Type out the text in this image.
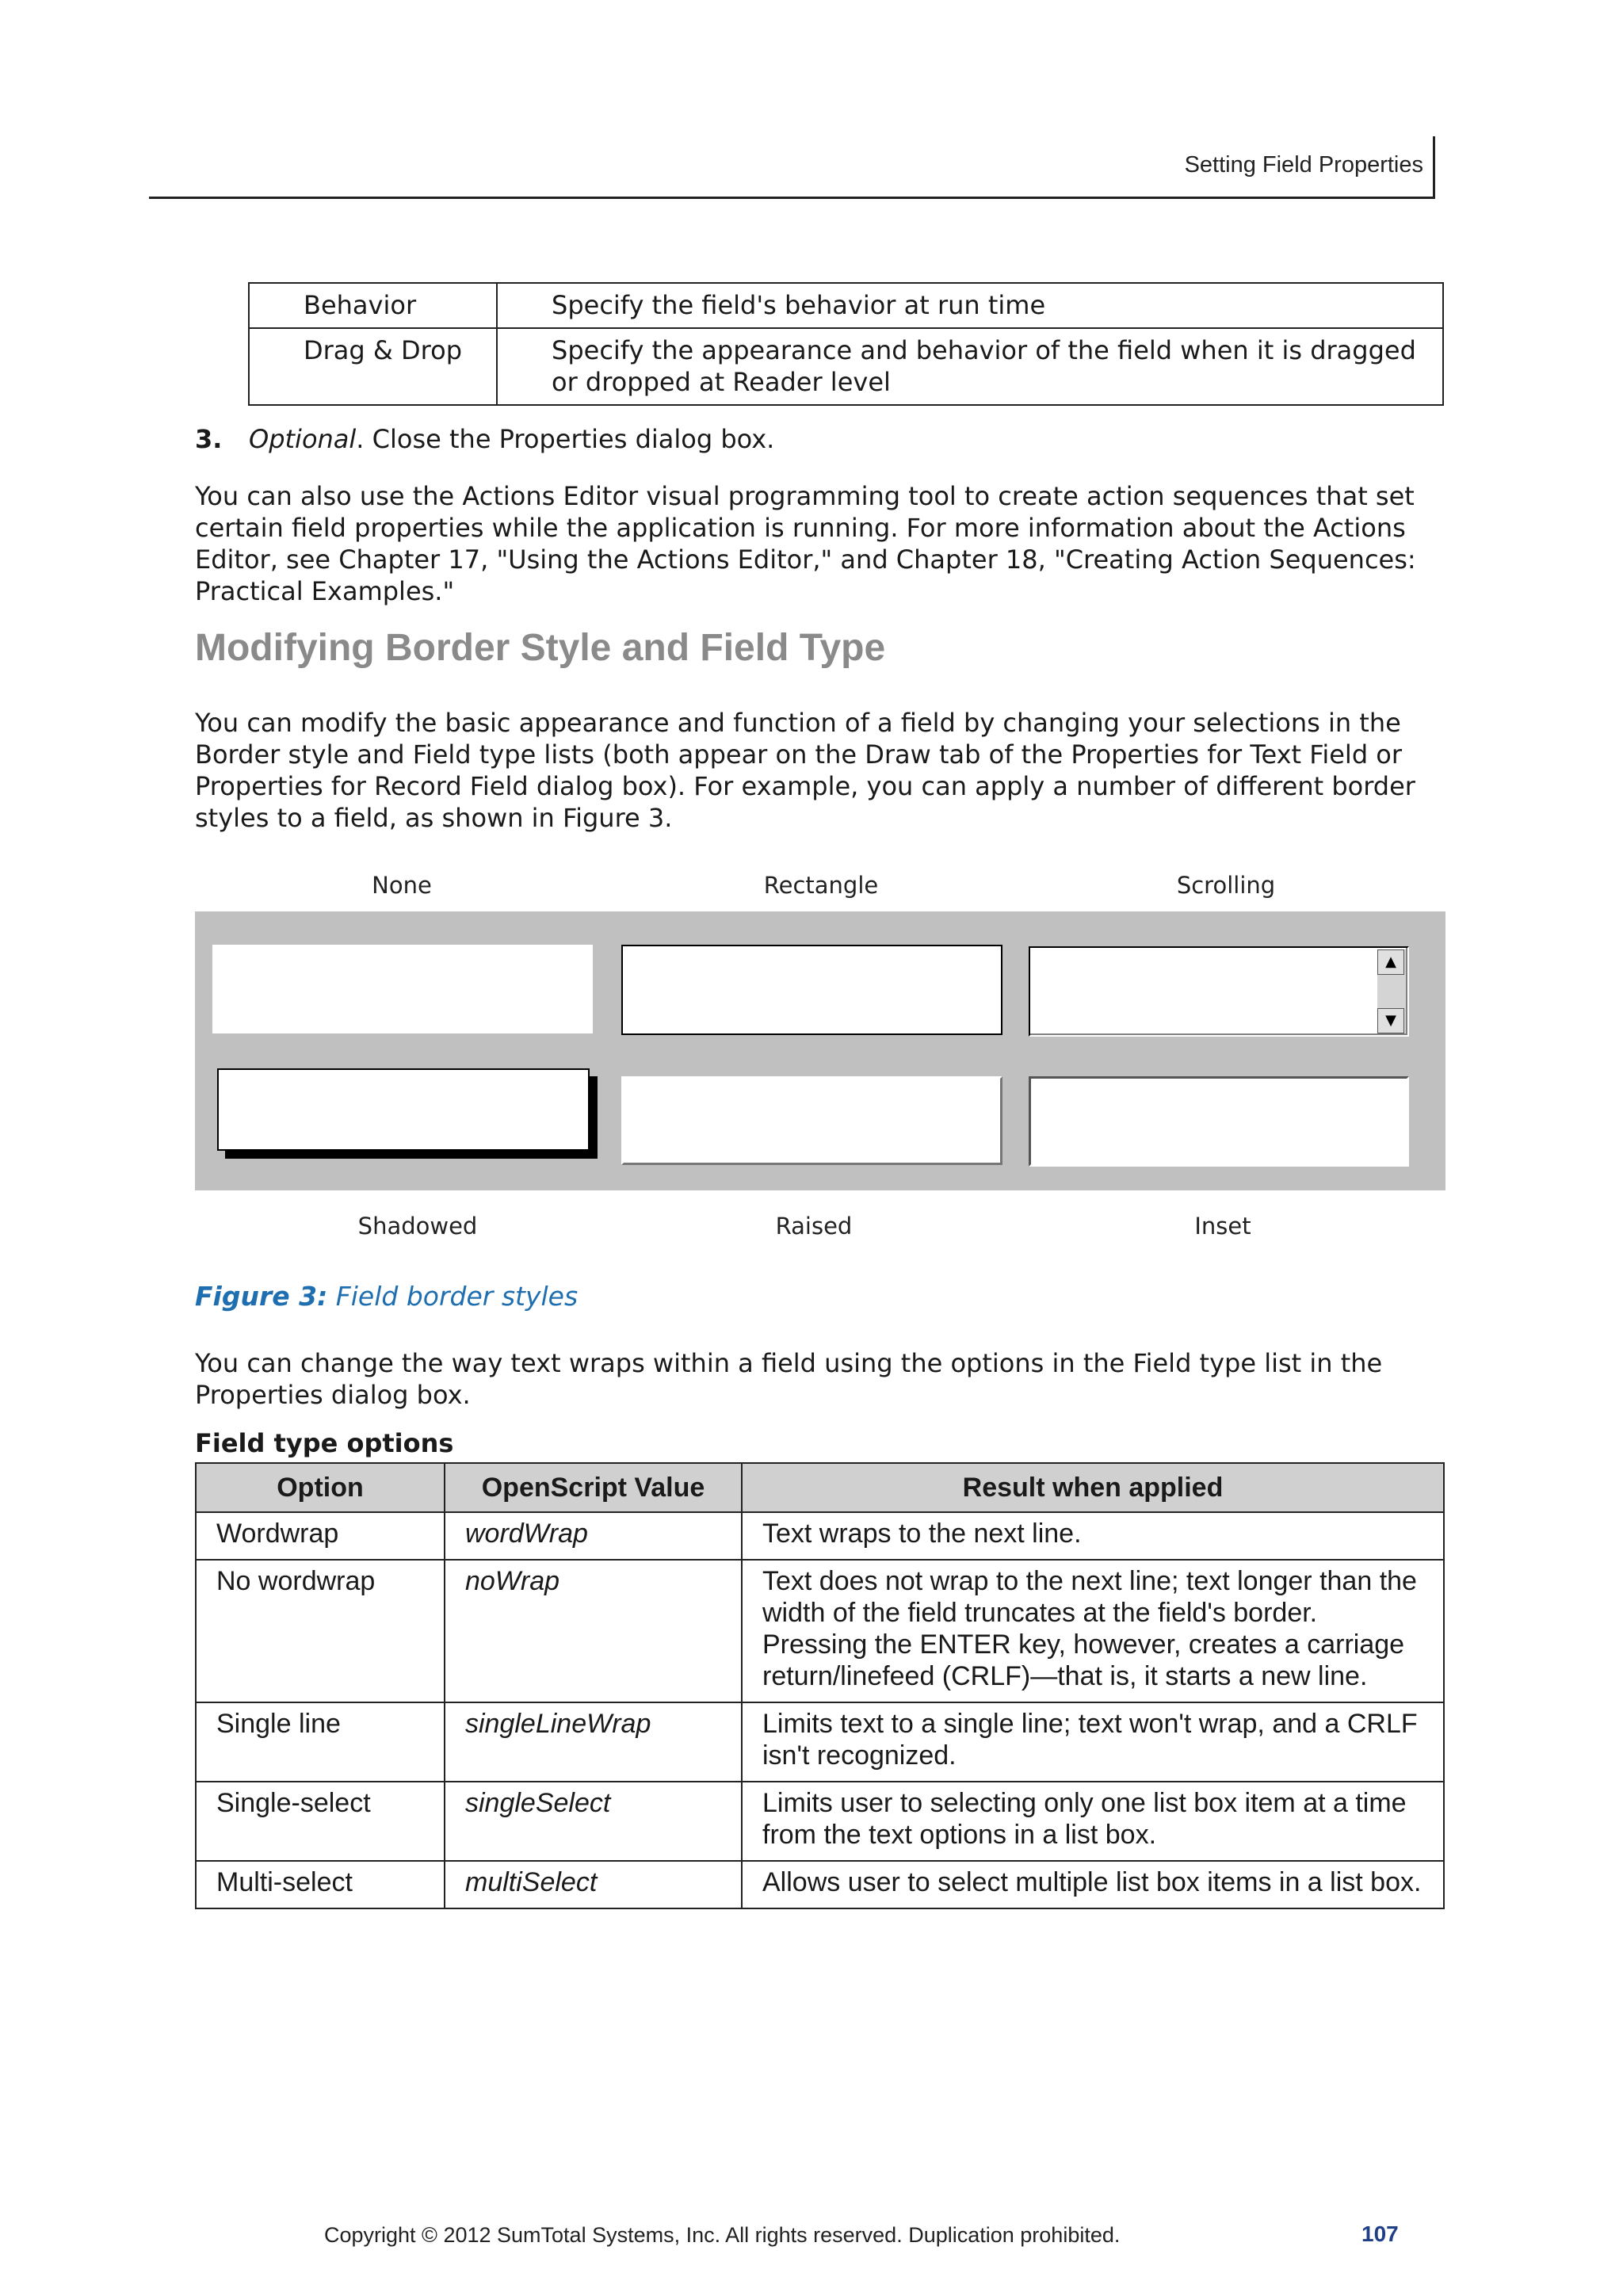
Setting Field Properties
Behavior	Specify the field's behavior at run time
Drag & Drop	Specify the appearance and behavior of the field when it is dragged or dropped at Reader level
3. Optional. Close the Properties dialog box.
You can also use the Actions Editor visual programming tool to create action sequences that set certain field properties while the application is running. For more information about the Actions Editor, see Chapter 17, "Using the Actions Editor," and Chapter 18, "Creating Action Sequences: Practical Examples."
Modifying Border Style and Field Type
You can modify the basic appearance and function of a field by changing your selections in the Border style and Field type lists (both appear on the Draw tab of the Properties for Text Field or Properties for Record Field dialog box). For example, you can apply a number of different border styles to a field, as shown in Figure 3.
None	Rectangle	Scrolling
▲
▼
Shadowed	Raised	Inset
Figure 3: Field border styles
You can change the way text wraps within a field using the options in the Field type list in the Properties dialog box.
Field type options
Option	OpenScript Value	Result when applied
Wordwrap	wordWrap	Text wraps to the next line.
No wordwrap	noWrap	Text does not wrap to the next line; text longer than the width of the field truncates at the field's border. Pressing the ENTER key, however, creates a carriage return/linefeed (CRLF)—that is, it starts a new line.
Single line	singleLineWrap	Limits text to a single line; text won't wrap, and a CRLF isn't recognized.
Single-select	singleSelect	Limits user to selecting only one list box item at a time from the text options in a list box.
Multi-select	multiSelect	Allows user to select multiple list box items in a list box.
Copyright © 2012 SumTotal Systems, Inc. All rights reserved. Duplication prohibited.	107
